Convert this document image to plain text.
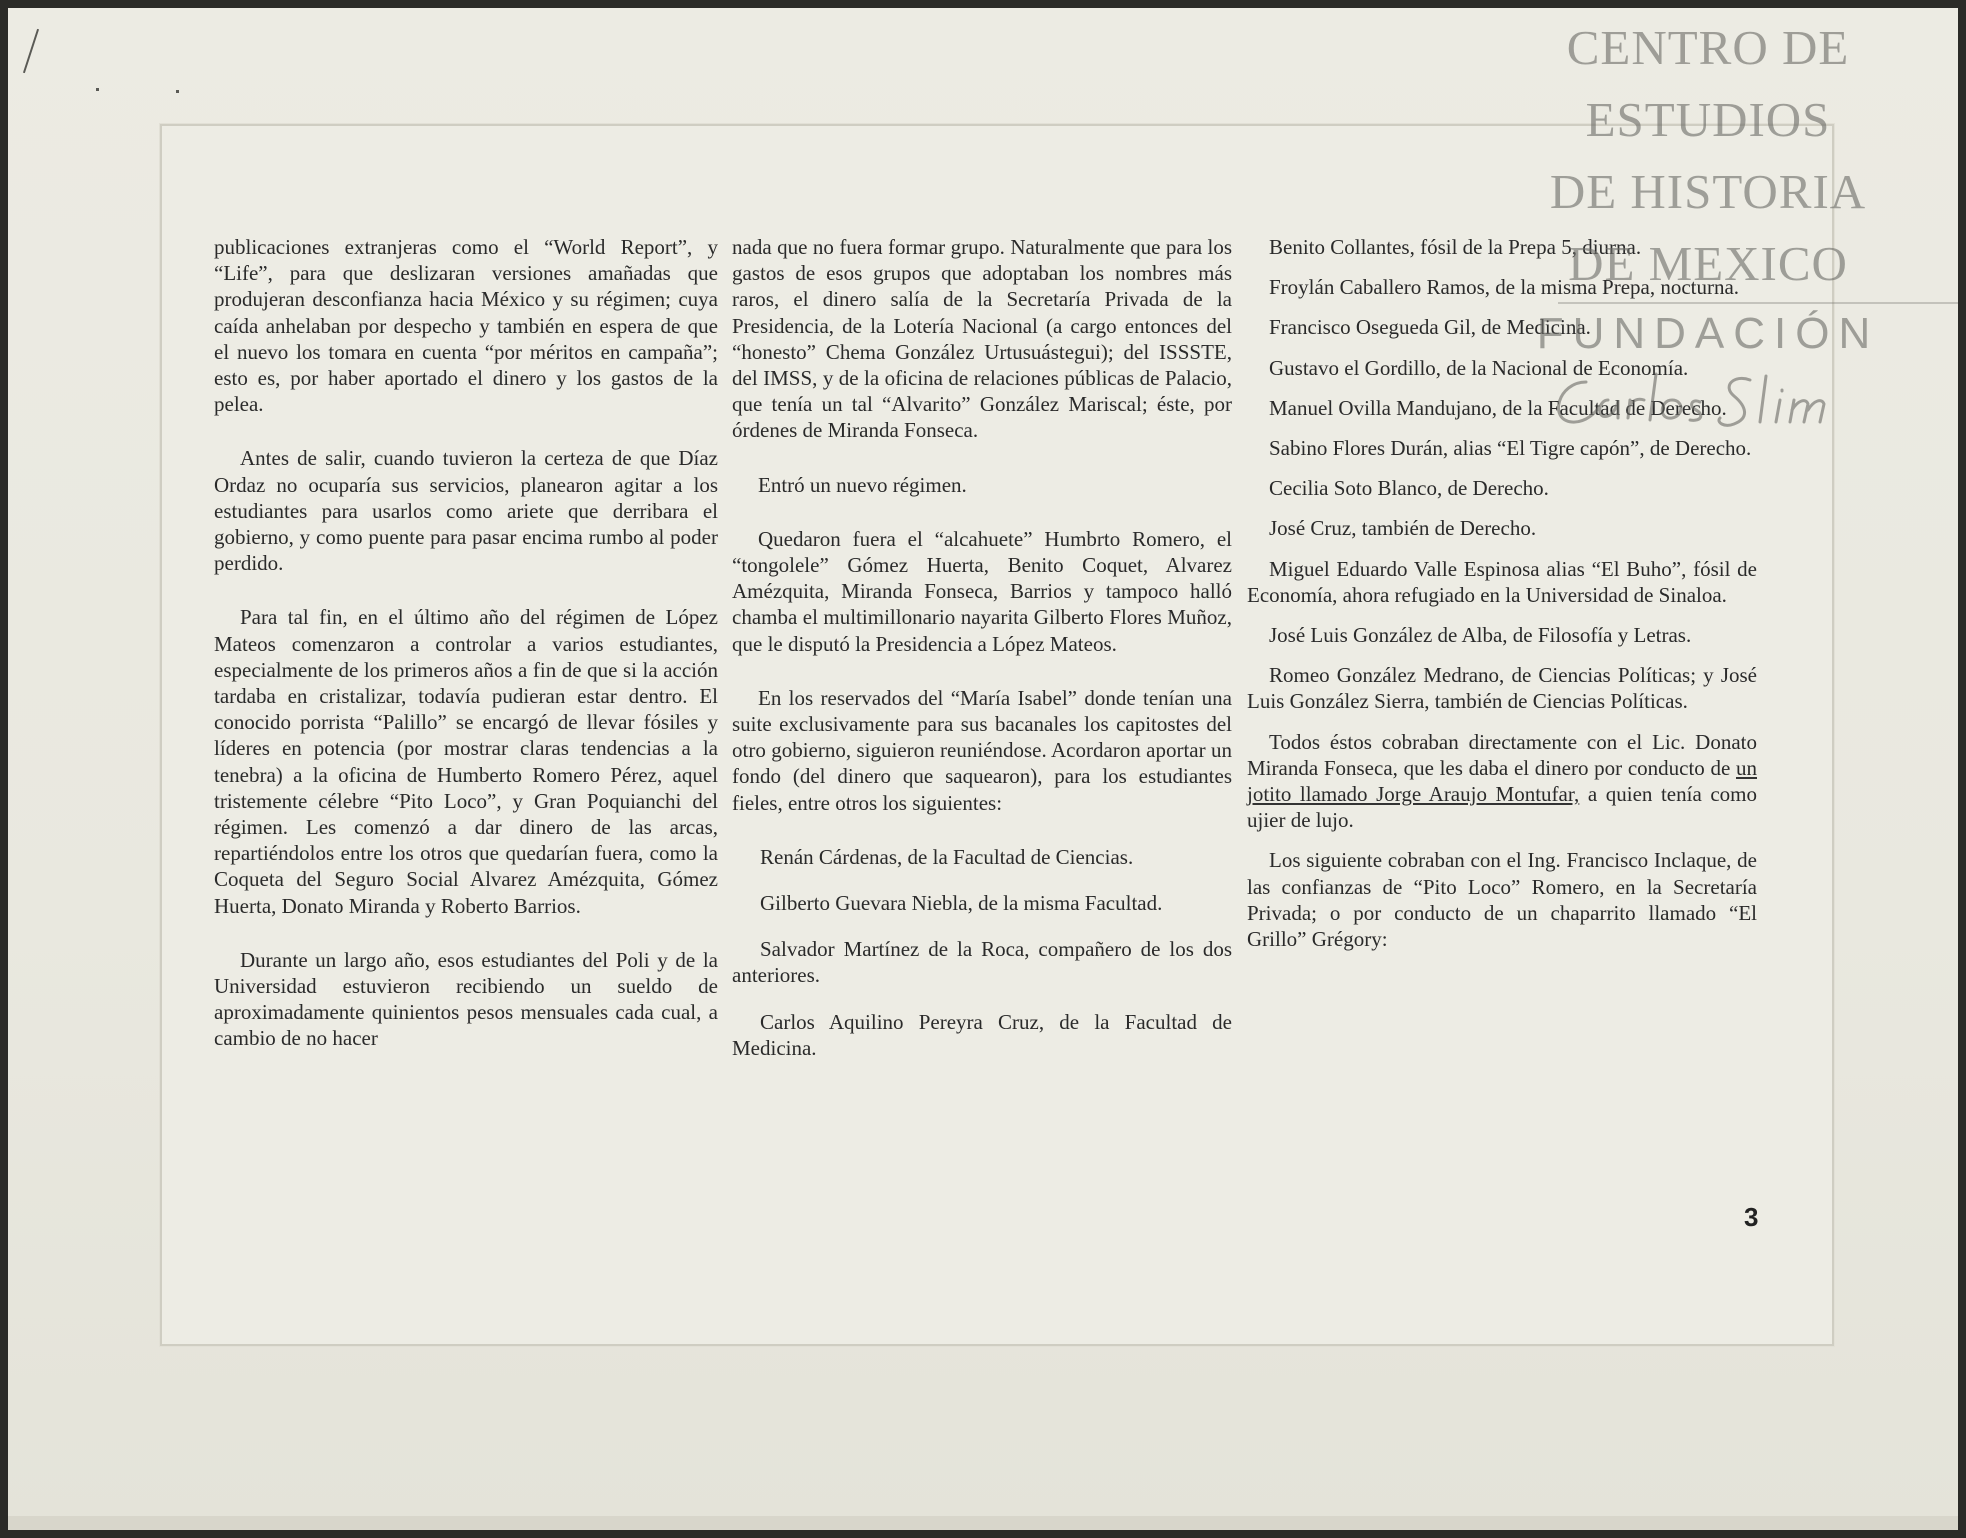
publicaciones extranjeras como el “World Report”, y “Life”, para que deslizaran versiones amañadas que produjeran desconfianza hacia México y su régimen; cuya caída anhelaban por despecho y también en espera de que el nuevo los tomara en cuenta “por méritos en campaña”; esto es, por haber aportado el dinero y los gastos de la pelea.

Antes de salir, cuando tuvieron la certeza de que Díaz Ordaz no ocuparía sus servicios, planearon agitar a los estudiantes para usarlos como ariete que derribara el gobierno, y como puente para pasar encima rumbo al poder perdido.

Para tal fin, en el último año del régimen de López Mateos comenzaron a controlar a varios estudiantes, especialmente de los primeros años a fin de que si la acción tardaba en cristalizar, todavía pudieran estar dentro. El conocido porrista “Palillo” se encargó de llevar fósiles y líderes en potencia (por mostrar claras tendencias a la tenebra) a la oficina de Humberto Romero Pérez, aquel tristemente célebre “Pito Loco”, y Gran Poquianchi del régimen. Les comenzó a dar dinero de las arcas, repartiéndolos entre los otros que quedarían fuera, como la Coqueta del Seguro Social Alvarez Amézquita, Gómez Huerta, Donato Miranda y Roberto Barrios.

Durante un largo año, esos estudiantes del Poli y de la Universidad estuvieron recibiendo un sueldo de aproximadamente quinientos pesos mensuales cada cual, a cambio de no hacer

nada que no fuera formar grupo. Naturalmente que para los gastos de esos grupos que adoptaban los nombres más raros, el dinero salía de la Secretaría Privada de la Presidencia, de la Lotería Nacional (a cargo entonces del “honesto” Chema González Urtusuástegui); del ISSSTE, del IMSS, y de la oficina de relaciones públicas de Palacio, que tenía un tal “Alvarito” González Mariscal; éste, por órdenes de Miranda Fonseca.

Entró un nuevo régimen.

Quedaron fuera el “alcahuete” Humbrto Romero, el “tongolele” Gómez Huerta, Benito Coquet, Alvarez Amézquita, Miranda Fonseca, Barrios y tampoco halló chamba el multimillonario nayarita Gilberto Flores Muñoz, que le disputó la Presidencia a López Mateos.

En los reservados del “María Isabel” donde tenían una suite exclusivamente para sus bacanales los capitostes del otro gobierno, siguieron reuniéndose. Acordaron aportar un fondo (del dinero que saquearon), para los estudiantes fieles, entre otros los siguientes:

Renán Cárdenas, de la Facultad de Ciencias.

Gilberto Guevara Niebla, de la misma Facultad.

Salvador Martínez de la Roca, compañero de los dos anteriores.

Carlos Aquilino Pereyra Cruz, de la Facultad de Medicina.

Benito Collantes, fósil de la Prepa 5, diurna.

Froylán Caballero Ramos, de la misma Prepa, nocturna.

Francisco Osegueda Gil, de Medicina.

Gustavo el Gordillo, de la Nacional de Economía.

Manuel Ovilla Mandujano, de la Facultad de Derecho.

Sabino Flores Durán, alias “El Tigre capón”, de Derecho.

Cecilia Soto Blanco, de Derecho.

José Cruz, también de Derecho.

Miguel Eduardo Valle Espinosa alias “El Buho”, fósil de Economía, ahora refugiado en la Universidad de Sinaloa.

José Luis González de Alba, de Filosofía y Letras.

Romeo González Medrano, de Ciencias Políticas; y José Luis González Sierra, también de Ciencias Políticas.

Todos éstos cobraban directamente con el Lic. Donato Miranda Fonseca, que les daba el dinero por conducto de un jotito llamado Jorge Araujo Montufar, a quien tenía como ujier de lujo.

Los siguiente cobraban con el Ing. Francisco Inclaque, de las confianzas de “Pito Loco” Romero, en la Secretaría Privada; o por conducto de un chaparrito llamado “El Grillo” Grégory:

3
CENTRO DE
ESTUDIOS
DE HISTORIA
DE MEXICO
FUNDACIÓN
